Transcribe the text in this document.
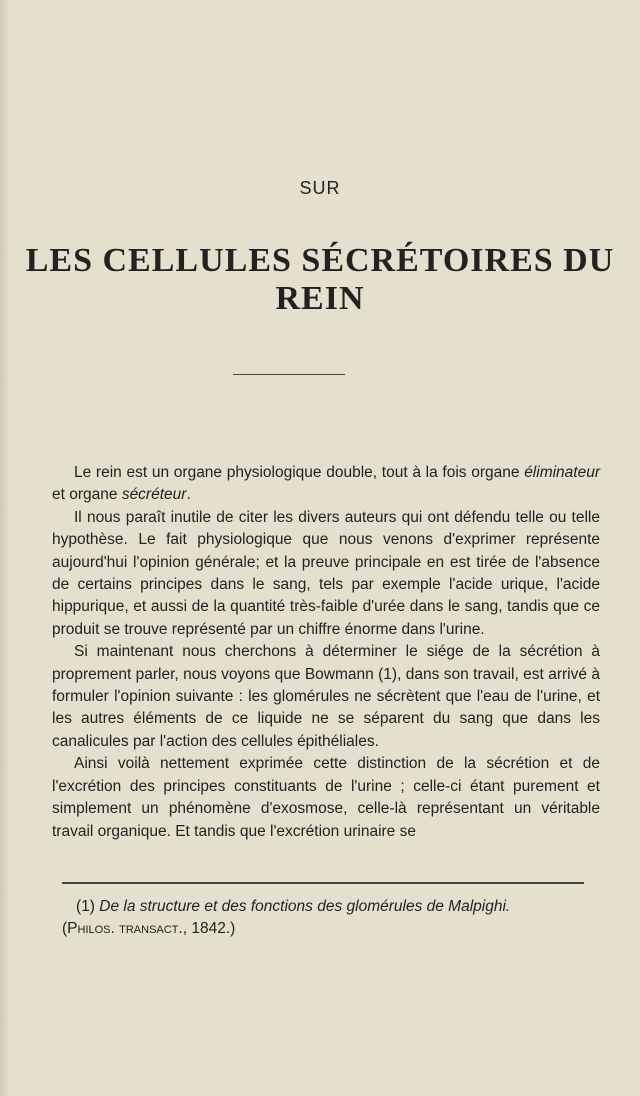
SUR
LES CELLULES SÉCRÉTOIRES DU REIN

Le rein est un organe physiologique double, tout à la fois organe éliminateur et organe sécréteur.

Il nous paraît inutile de citer les divers auteurs qui ont défendu telle ou telle hypothèse. Le fait physiologique que nous venons d'exprimer représente aujourd'hui l'opinion générale; et la preuve principale en est tirée de l'absence de certains principes dans le sang, tels par exemple l'acide urique, l'acide hippurique, et aussi de la quantité très-faible d'urée dans le sang, tandis que ce produit se trouve représenté par un chiffre énorme dans l'urine.

Si maintenant nous cherchons à déterminer le siége de la sécrétion à proprement parler, nous voyons que Bowmann (1), dans son travail, est arrivé à formuler l'opinion suivante : les glomérules ne sécrètent que l'eau de l'urine, et les autres éléments de ce liquide ne se séparent du sang que dans les canalicules par l'action des cellules épithéliales.

Ainsi voilà nettement exprimée cette distinction de la sécrétion et de l'excrétion des principes constituants de l'urine ; celle-ci étant purement et simplement un phénomène d'exosmose, celle-là représentant un véritable travail organique. Et tandis que l'excrétion urinaire se

(1) De la structure et des fonctions des glomérules de Malpighi.

(Philos. transact., 1842.)
